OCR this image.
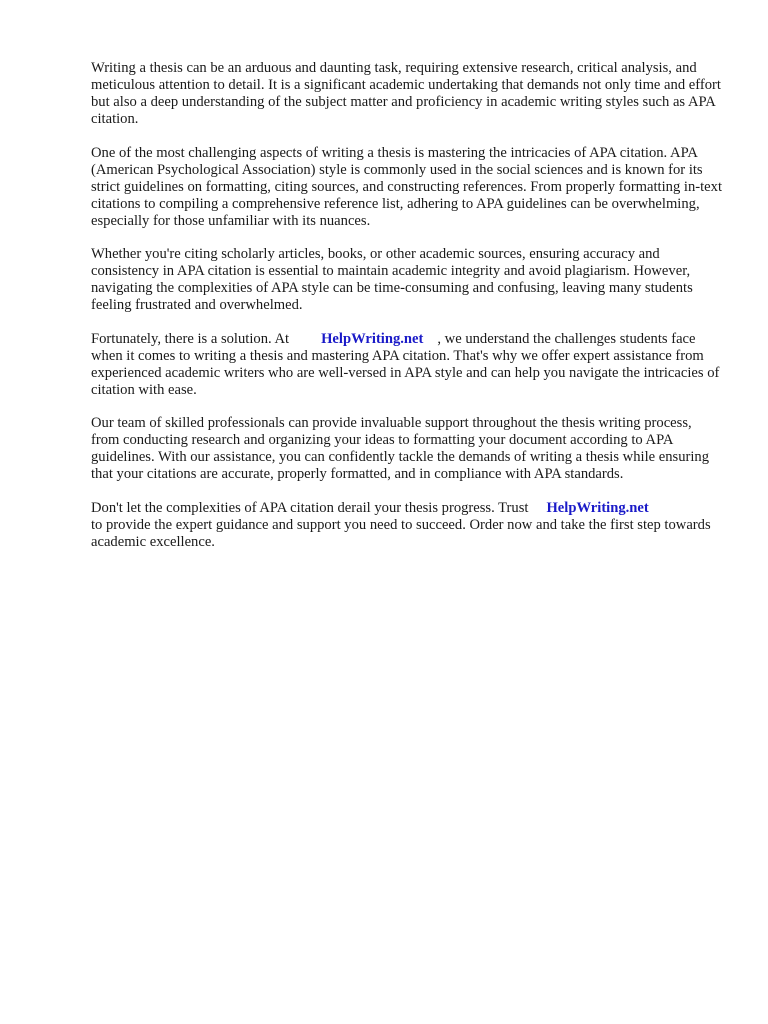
Writing a thesis can be an arduous and daunting task, requiring extensive research, critical analysis, and meticulous attention to detail. It is a significant academic undertaking that demands not only time and effort but also a deep understanding of the subject matter and proficiency in academic writing styles such as APA citation.

One of the most challenging aspects of writing a thesis is mastering the intricacies of APA citation. APA (American Psychological Association) style is commonly used in the social sciences and is known for its strict guidelines on formatting, citing sources, and constructing references. From properly formatting in-text citations to compiling a comprehensive reference list, adhering to APA guidelines can be overwhelming, especially for those unfamiliar with its nuances.

Whether you're citing scholarly articles, books, or other academic sources, ensuring accuracy and consistency in APA citation is essential to maintain academic integrity and avoid plagiarism. However, navigating the complexities of APA style can be time-consuming and confusing, leaving many students feeling frustrated and overwhelmed.

Fortunately, there is a solution. At HelpWriting.net , we understand the challenges students face when it comes to writing a thesis and mastering APA citation. That's why we offer expert assistance from experienced academic writers who are well-versed in APA style and can help you navigate the intricacies of citation with ease.

Our team of skilled professionals can provide invaluable support throughout the thesis writing process, from conducting research and organizing your ideas to formatting your document according to APA guidelines. With our assistance, you can confidently tackle the demands of writing a thesis while ensuring that your citations are accurate, properly formatted, and in compliance with APA standards.

Don't let the complexities of APA citation derail your thesis progress. Trust HelpWriting.net
to provide the expert guidance and support you need to succeed. Order now and take the first step towards academic excellence.
